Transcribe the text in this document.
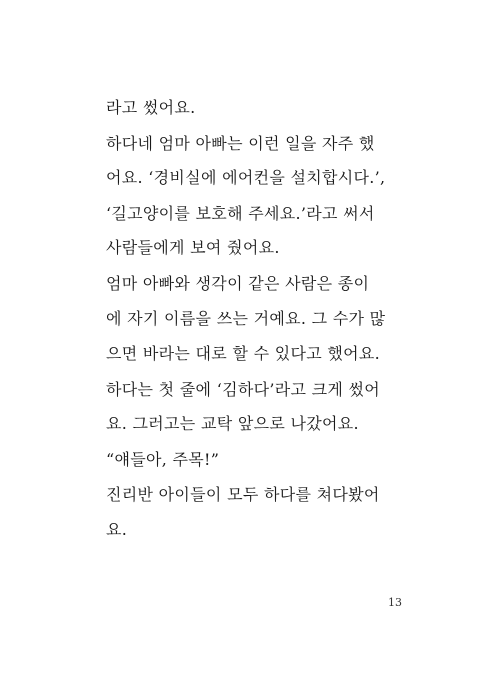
라고 썼어요.
하다네 엄마 아빠는 이런 일을 자주 했
어요. ‘경비실에 에어컨을 설치합시다.’,
‘길고양이를 보호해 주세요.’라고 써서
사람들에게 보여 줬어요.
엄마 아빠와 생각이 같은 사람은 종이
에 자기 이름을 쓰는 거예요. 그 수가 많
으면 바라는 대로 할 수 있다고 했어요.
하다는 첫 줄에 ‘김하다’라고 크게 썼어
요. 그러고는 교탁 앞으로 나갔어요.
“얘들아, 주목!”
진리반 아이들이 모두 하다를 쳐다봤어
요.
13
